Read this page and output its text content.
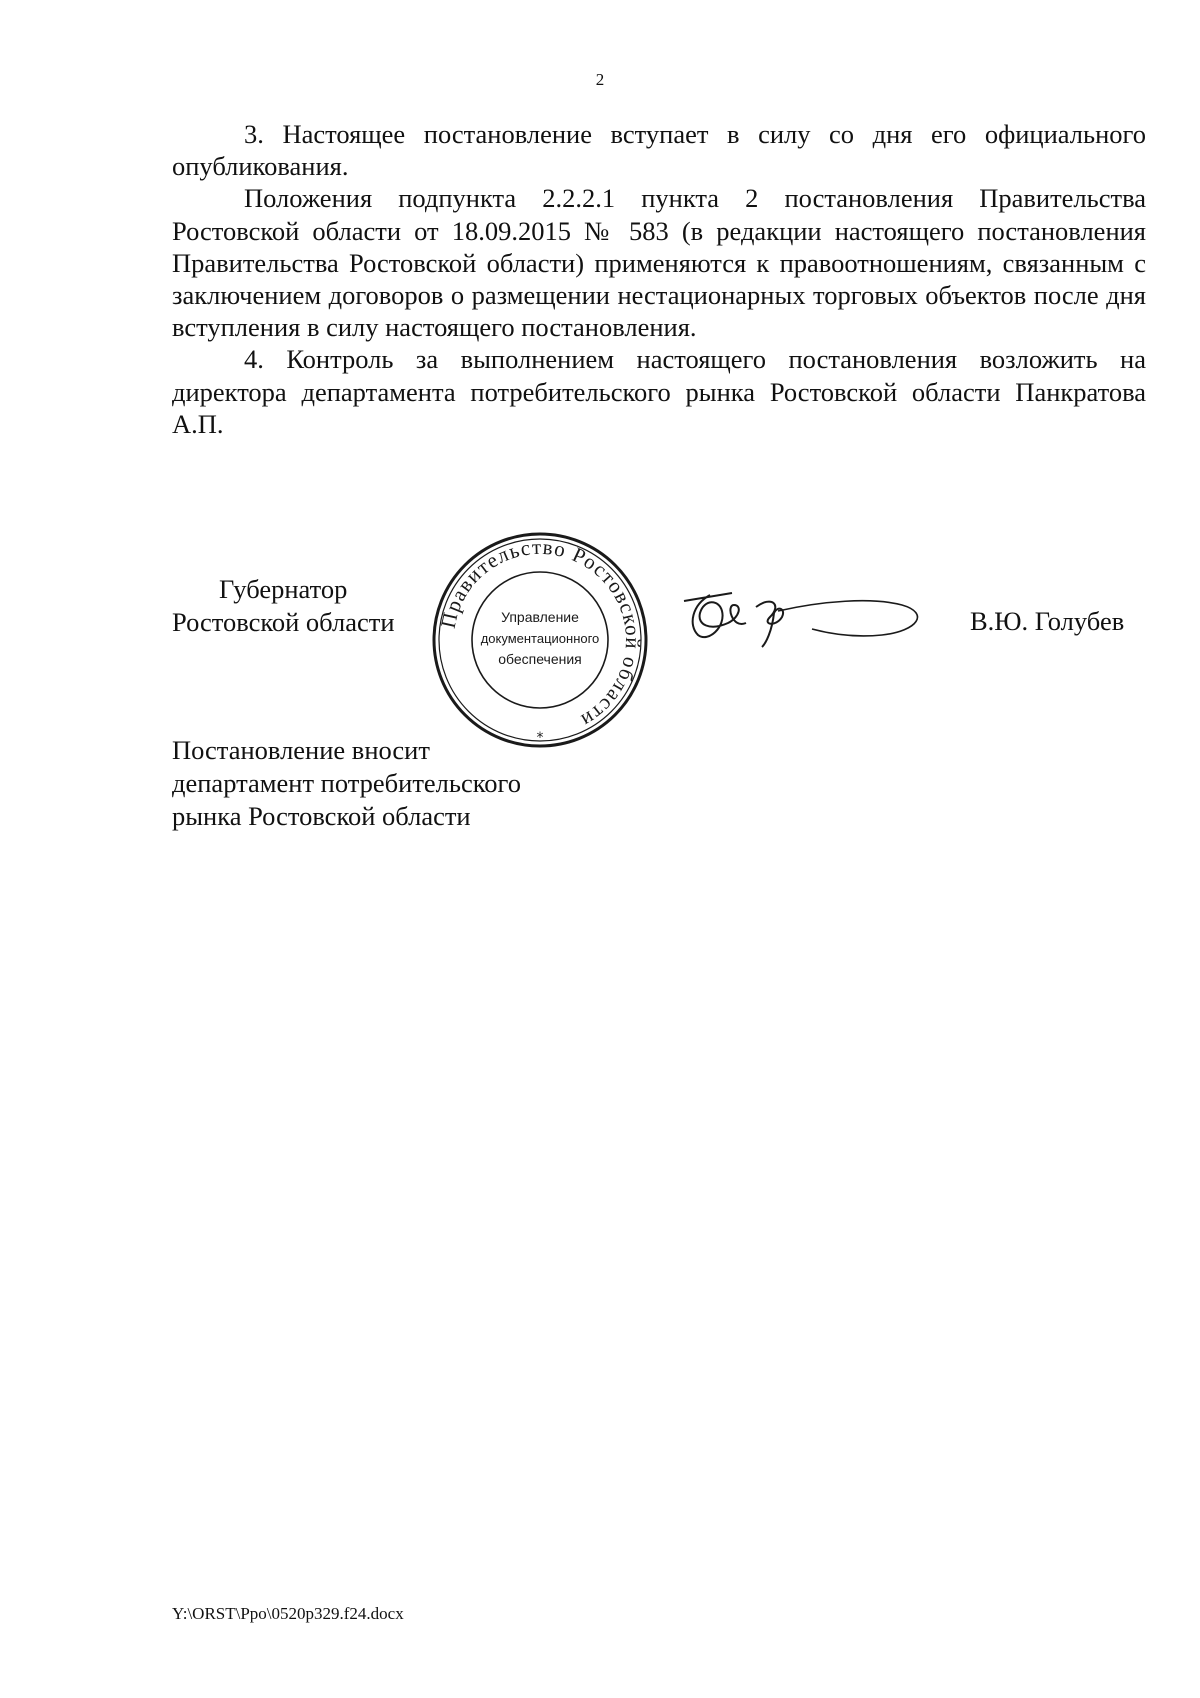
2

3. Настоящее постановление вступает в силу со дня его официального опубликования.

Положения подпункта 2.2.2.1 пункта 2 постановления Правительства Ростовской области от 18.09.2015 № 583 (в редакции настоящего постановления Правительства Ростовской области) применяются к правоотношениям, связанным с заключением договоров о размещении нестационарных торговых объектов после дня вступления в силу настоящего постановления.

4. Контроль за выполнением настоящего постановления возложить на директора департамента потребительского рынка Ростовской области Панкратова А.П.

Губернатор
Ростовской области Правительство Ростовской области
Управление
документационного
обеспечения
*
В.Ю. Голубев
Постановление вносит
департамент потребительского
рынка Ростовской области
Y:\ORST\Ppo\0520p329.f24.docx
